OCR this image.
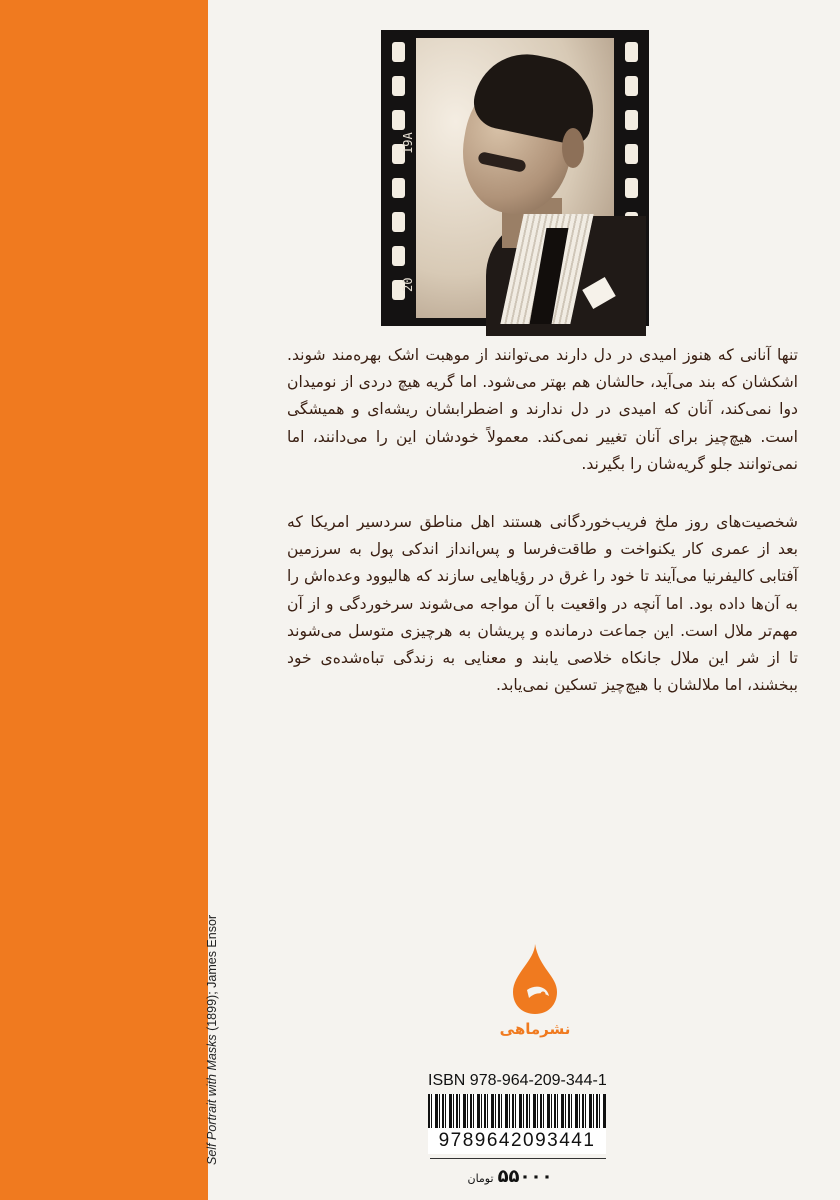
Self Portrait with Masks (1899); James Ensor
19A
20

تنها آنانی که هنوز امیدی در دل دارند می‌توانند از موهبت اشک بهره‌مند شوند. اشکشان که بند می‌آید، حالشان هم بهتر می‌شود. اما گریه هیچ دردی از نومیدان دوا نمی‌کند، آنان که امیدی در دل ندارند و اضطرابشان ریشه‌ای و همیشگی است. هیچ‌چیز برای آنان تغییر نمی‌کند. معمولاً خودشان این را می‌دانند، اما نمی‌توانند جلو گریه‌شان را بگیرند.

شخصیت‌های روز ملخ فریب‌خوردگانی هستند اهل مناطق سردسیر امریکا که بعد از عمری کار یکنواخت و طاقت‌فرسا و پس‌انداز اندکی پول به سرزمین آفتابی کالیفرنیا می‌آیند تا خود را غرق در رؤیاهایی سازند که هالیوود وعده‌اش را به آن‌ها داده بود. اما آنچه در واقعیت با آن مواجه می‌شوند سرخوردگی و از آن مهم‌تر ملال است. این جماعت درمانده و پریشان به هرچیزی متوسل می‌شوند تا از شر این ملال جانکاه خلاصی یابند و معنایی به زندگی تباه‌شده‌ی خود ببخشند، اما ملالشان با هیچ‌چیز تسکین نمی‌یابد.

نشرماهی
ISBN 978-964-209-344-1
9789642093441
۵۵۰۰۰تومان
